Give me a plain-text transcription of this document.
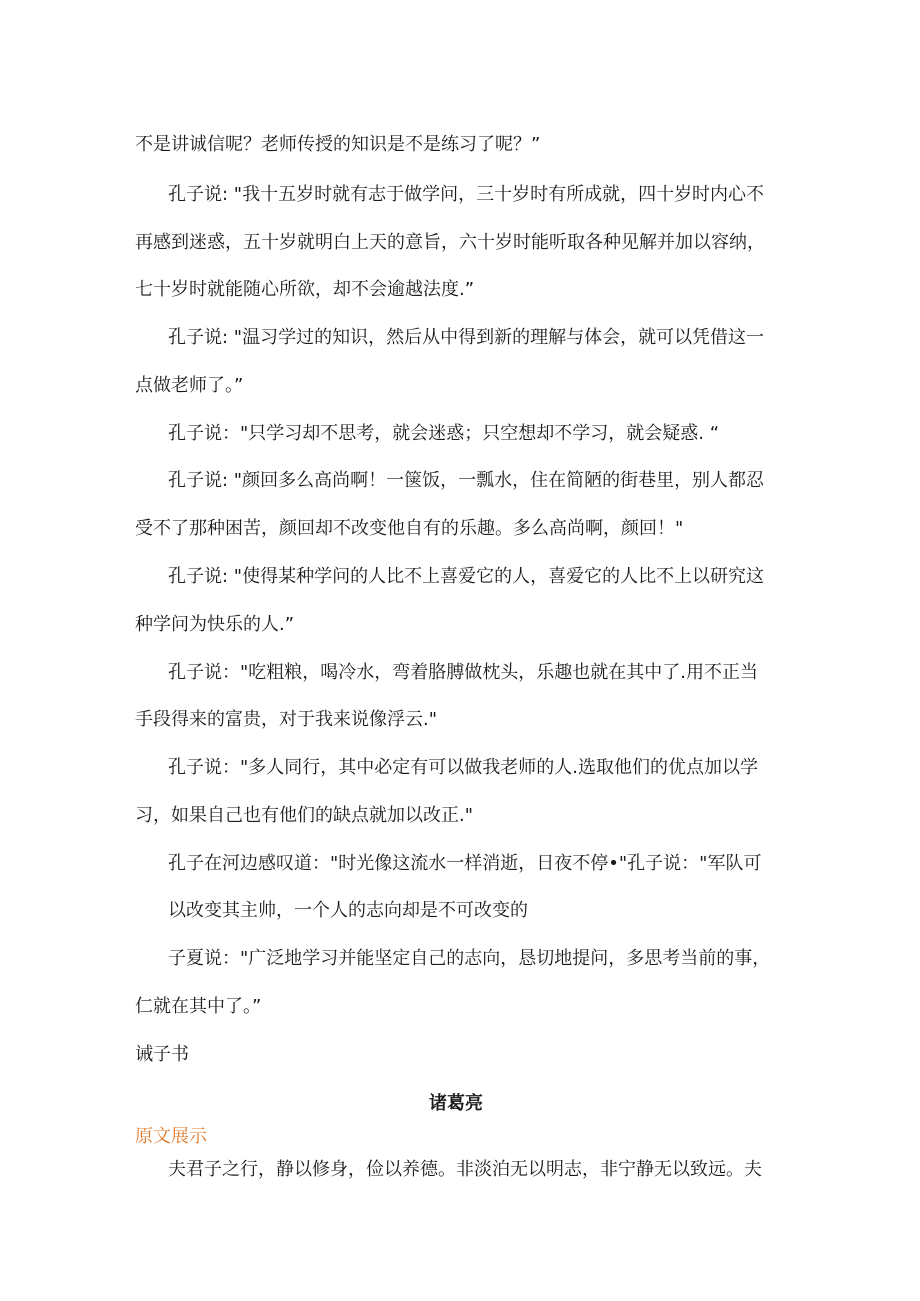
不是讲诚信呢？老师传授的知识是不是练习了呢？”
孔子说: "我十五岁时就有志于做学问，三十岁时有所成就，四十岁时内心不
再感到迷惑，五十岁就明白上天的意旨，六十岁时能听取各种见解并加以容纳，
七十岁时就能随心所欲，却不会逾越法度.”
孔子说: "温习学过的知识，然后从中得到新的理解与体会，就可以凭借这一
点做老师了。”
孔子说："只学习却不思考，就会迷惑；只空想却不学习，就会疑惑. “
孔子说: "颜回多么高尚啊！一箧饭，一瓢水，住在简陋的街巷里，别人都忍
受不了那种困苦，颜回却不改变他自有的乐趣。多么高尚啊，颜回！"
孔子说: "使得某种学问的人比不上喜爱它的人，喜爱它的人比不上以研究这
种学问为快乐的人.”
孔子说："吃粗粮，喝冷水，弯着胳膊做枕头，乐趣也就在其中了.用不正当
手段得来的富贵，对于我来说像浮云."
孔子说："多人同行，其中必定有可以做我老师的人.选取他们的优点加以学
习，如果自己也有他们的缺点就加以改正."
孔子在河边感叹道："时光像这流水一样消逝，日夜不停•"孔子说："军队可
以改变其主帅，一个人的志向却是不可改变的
子夏说："广泛地学习并能坚定自己的志向，恳切地提问，多思考当前的事，
仁就在其中了。”
诫子书
诸葛亮
原文展示
夫君子之行，静以修身，俭以养德。非淡泊无以明志，非宁静无以致远。夫
